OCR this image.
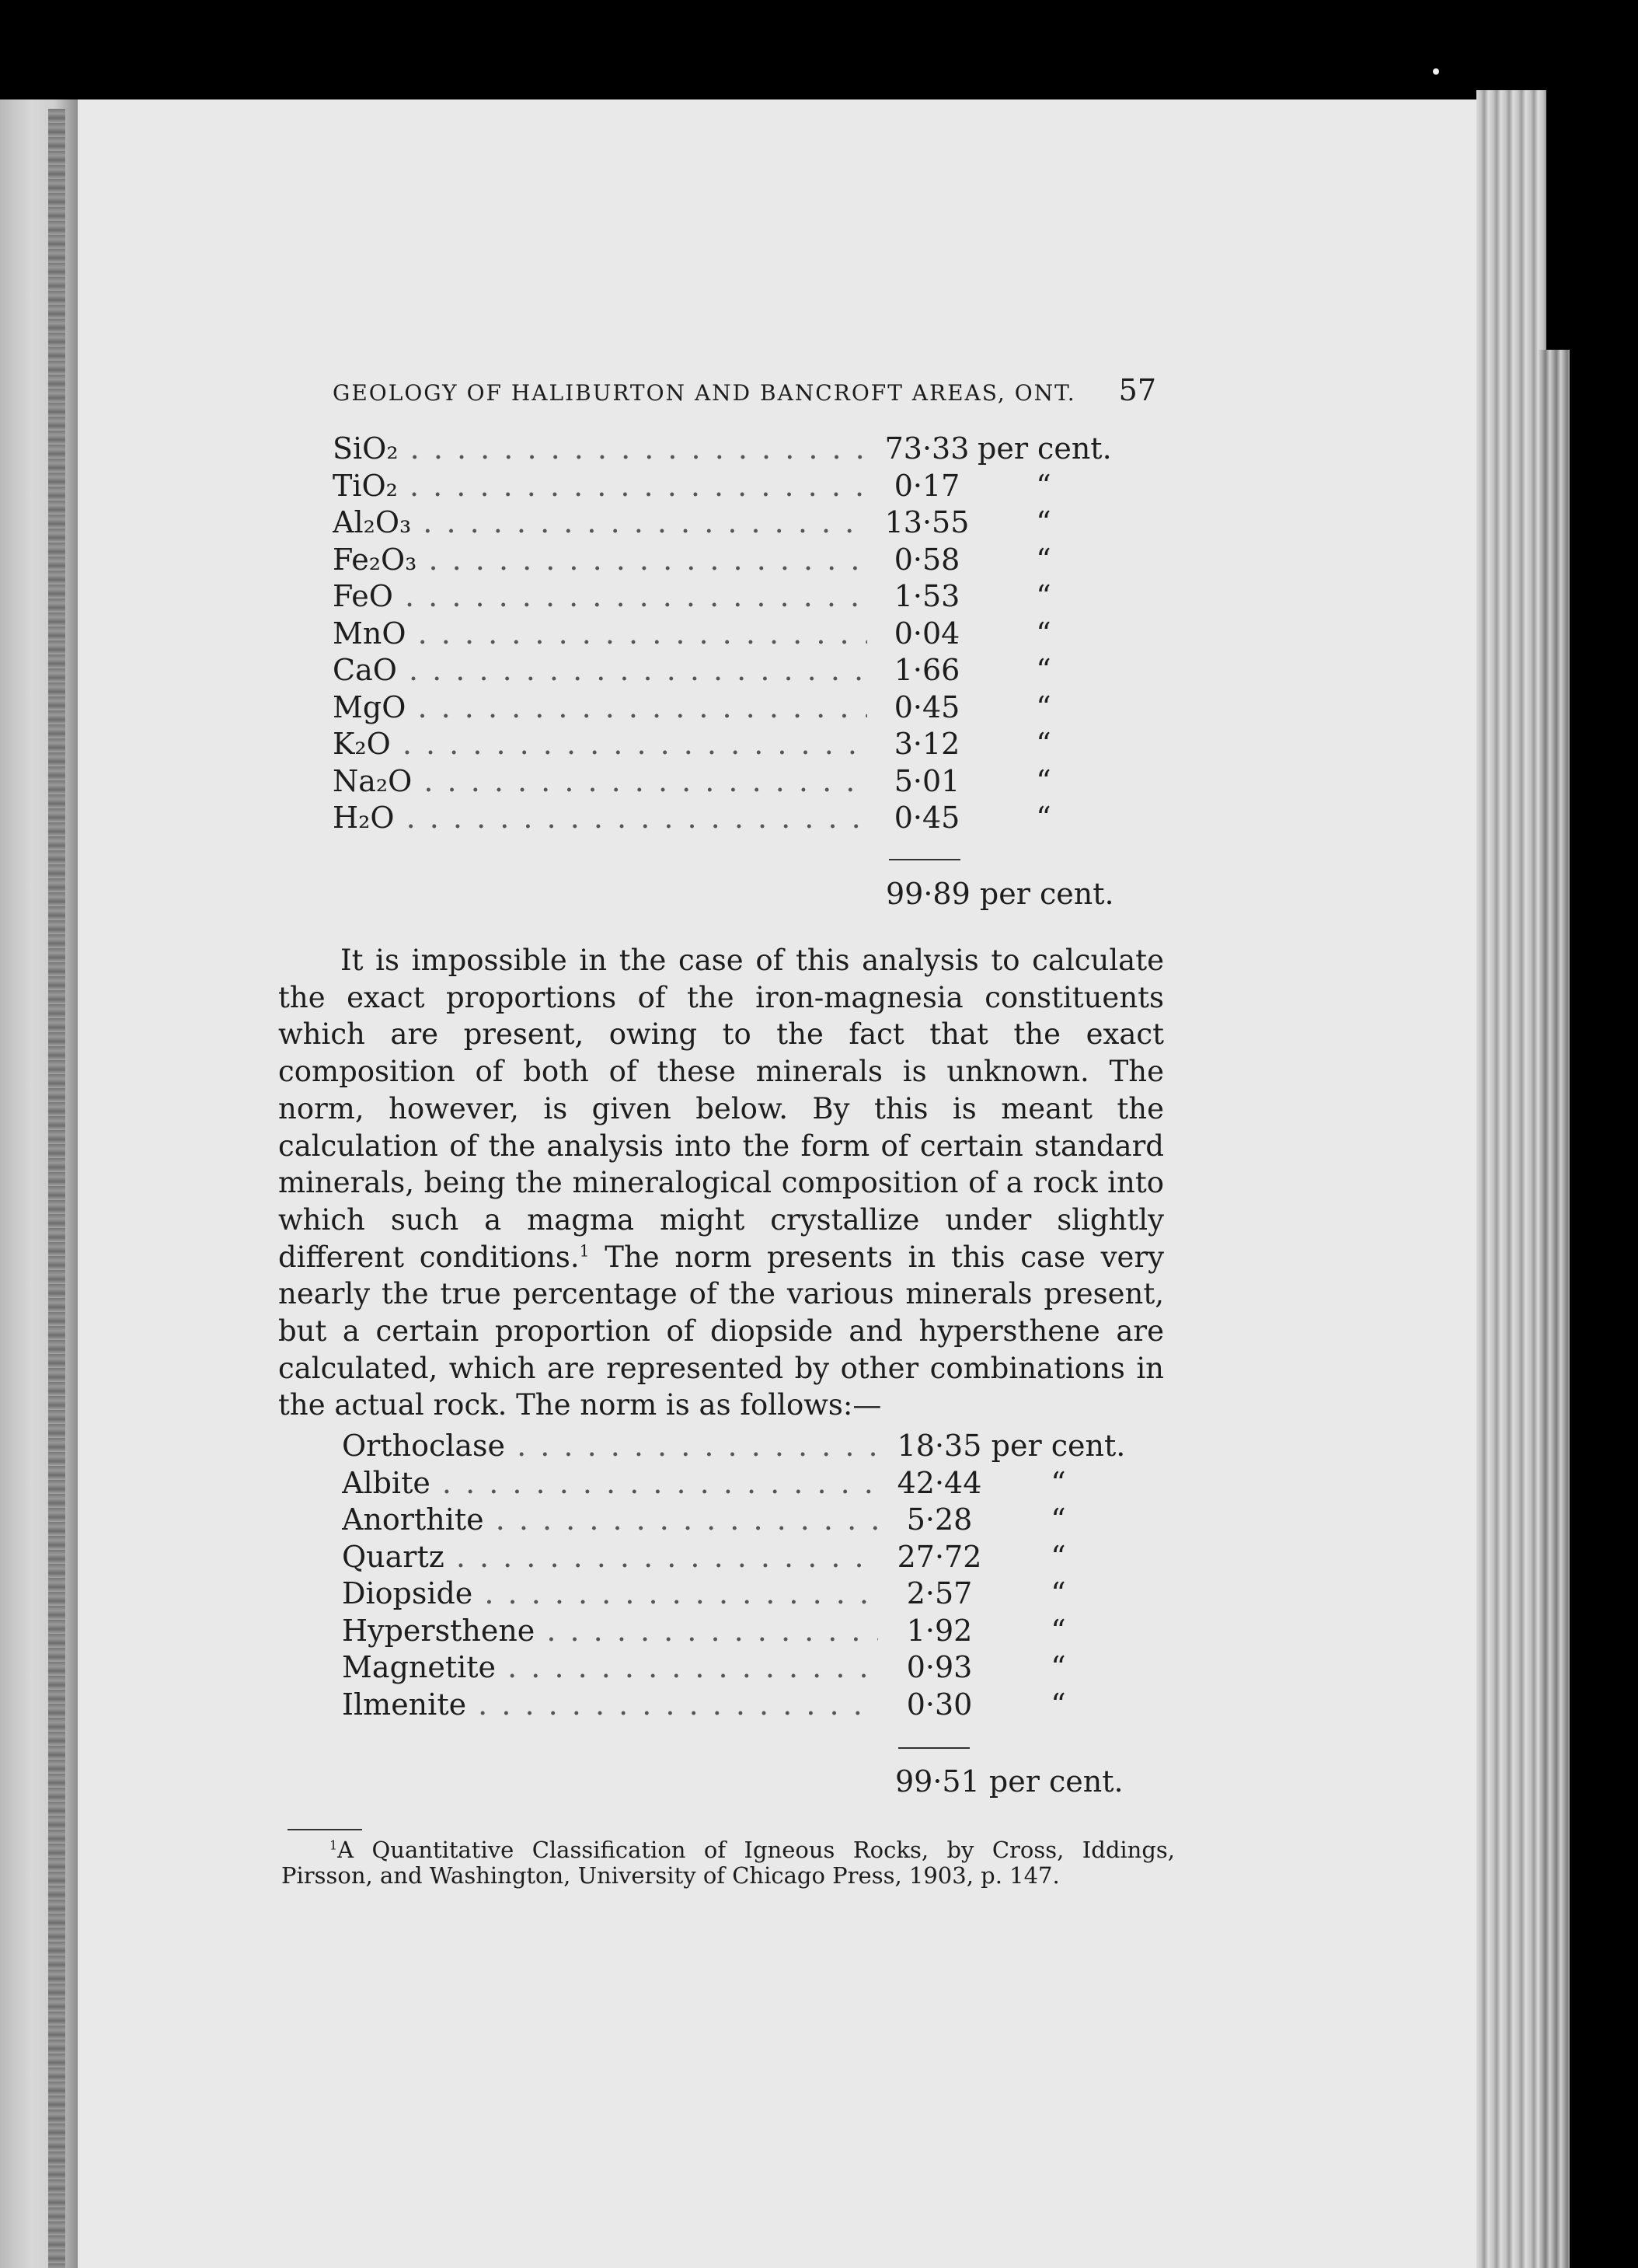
GEOLOGY OF HALIBURTON AND BANCROFT AREAS, ONT. 57
SiO₂ . . .	73·33 per cent.
TiO₂ . . .	0·17	“
Al₂O₃ . . .	13·55	“
Fe₂O₃ . . .	0·58	“
FeO . . .	1·53	“
MnO . . .	0·04	“
CaO . . .	1·66	“
MgO . . .	0·45	“
K₂O . . .	3·12	“
Na₂O . . .	5·01	“
H₂O . . .	0·45	“
99·89 per cent.

It is impossible in the case of this analysis to calculate the exact proportions of the iron-magnesia constituents which are present, owing to the fact that the exact composition of both of these minerals is unknown. The norm, however, is given below. By this is meant the calculation of the analysis into the form of certain standard minerals, being the mineralogical composition of a rock into which such a magma might crystallize under slightly different conditions.$^1$ The norm presents in this case very nearly the true percentage of the various minerals present, but a certain proportion of diopside and hypersthene are calculated, which are represented by other combinations in the actual rock. The norm is as follows:—

Orthoclase . . .	18·35 per cent.
Albite . . .	42·44	“
Anorthite . . .	5·28	“
Quartz . . .	27·72	“
Diopside . . .	2·57	“
Hypersthene . . .	1·92	“
Magnetite . . .	0·93	“
Ilmenite . . .	0·30	“
99·51 per cent.

$^1$A Quantitative Classification of Igneous Rocks, by Cross, Iddings, Pirsson, and Washington, University of Chicago Press, 1903, p. 147.
